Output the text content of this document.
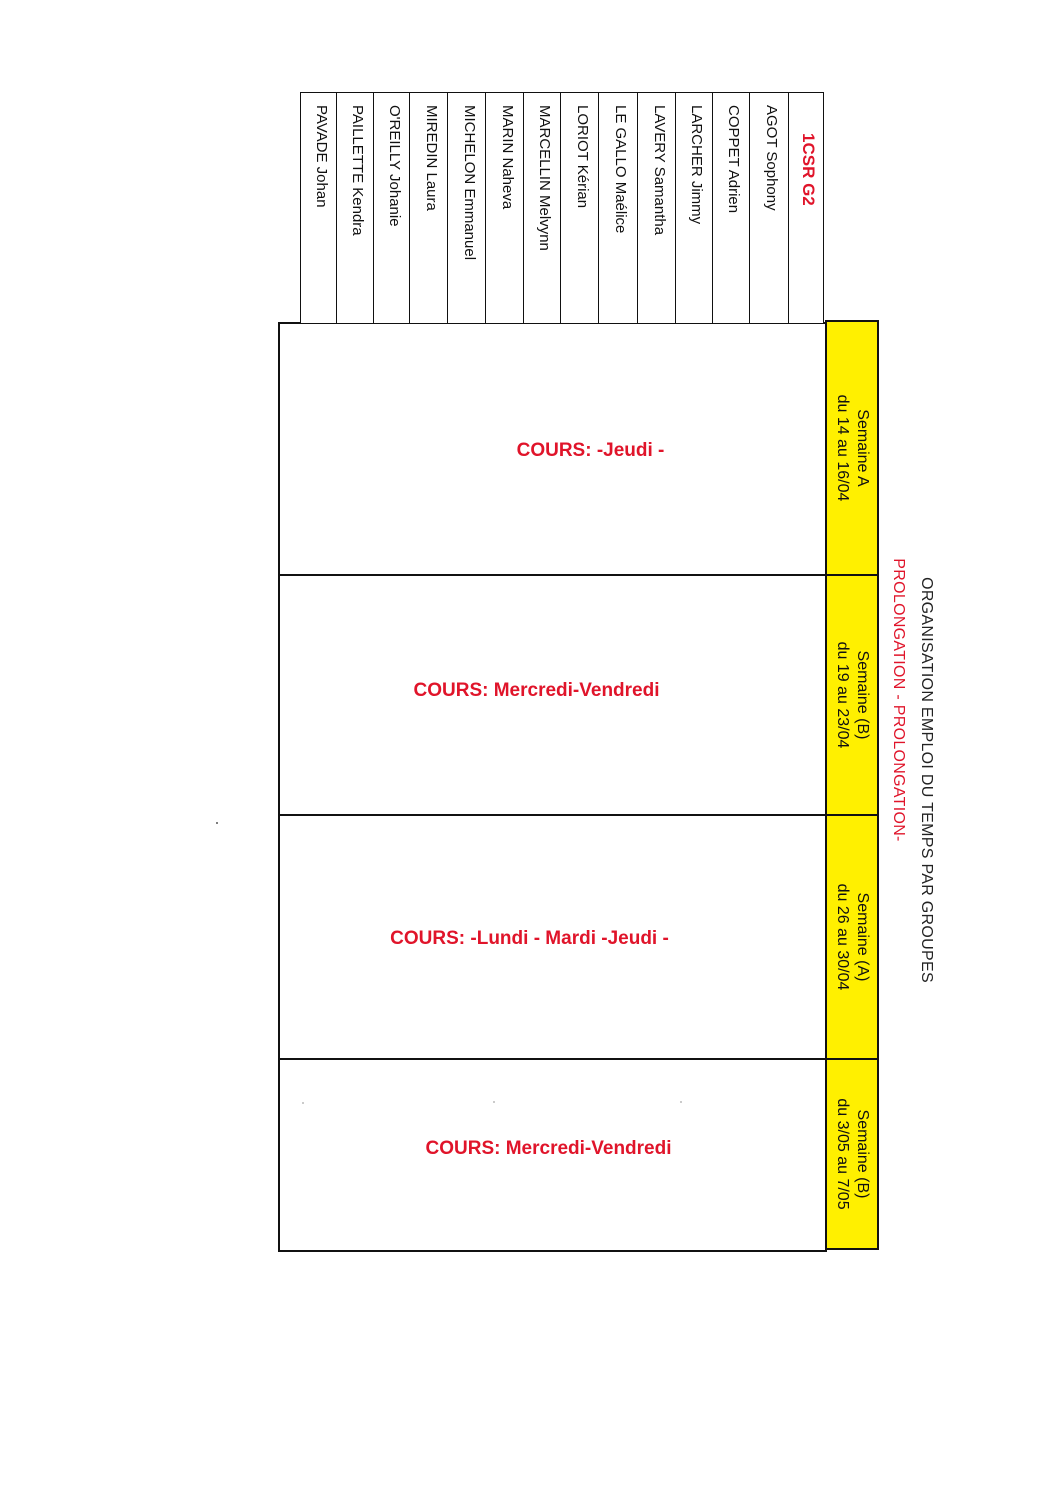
ORGANISATION EMPLOI DU TEMPS PAR GROUPES
PROLONGATION - PROLONGATION-
Semaine A
du 14 au 16/04
Semaine (B)
du 19 au 23/04
Semaine (A)
du 26 au 30/04
Semaine (B)
du 3/05 au 7/05
COURS: -Jeudi -
COURS: Mercredi-Vendredi
COURS: -Lundi - Mardi -Jeudi -
COURS: Mercredi-Vendredi
1CSR G2
AGOT Sophony
COPPET Adrien
LARCHER Jimmy
LAVERY Samantha
LE GALLO Maélice
LORIOT Kérian
MARCELLIN Melvynn
MARIN Naheva
MICHELON Emmanuel
MIREDIN Laura
O'REILLY Johanie
PAILLETTE Kendra
PAVADE Johan
